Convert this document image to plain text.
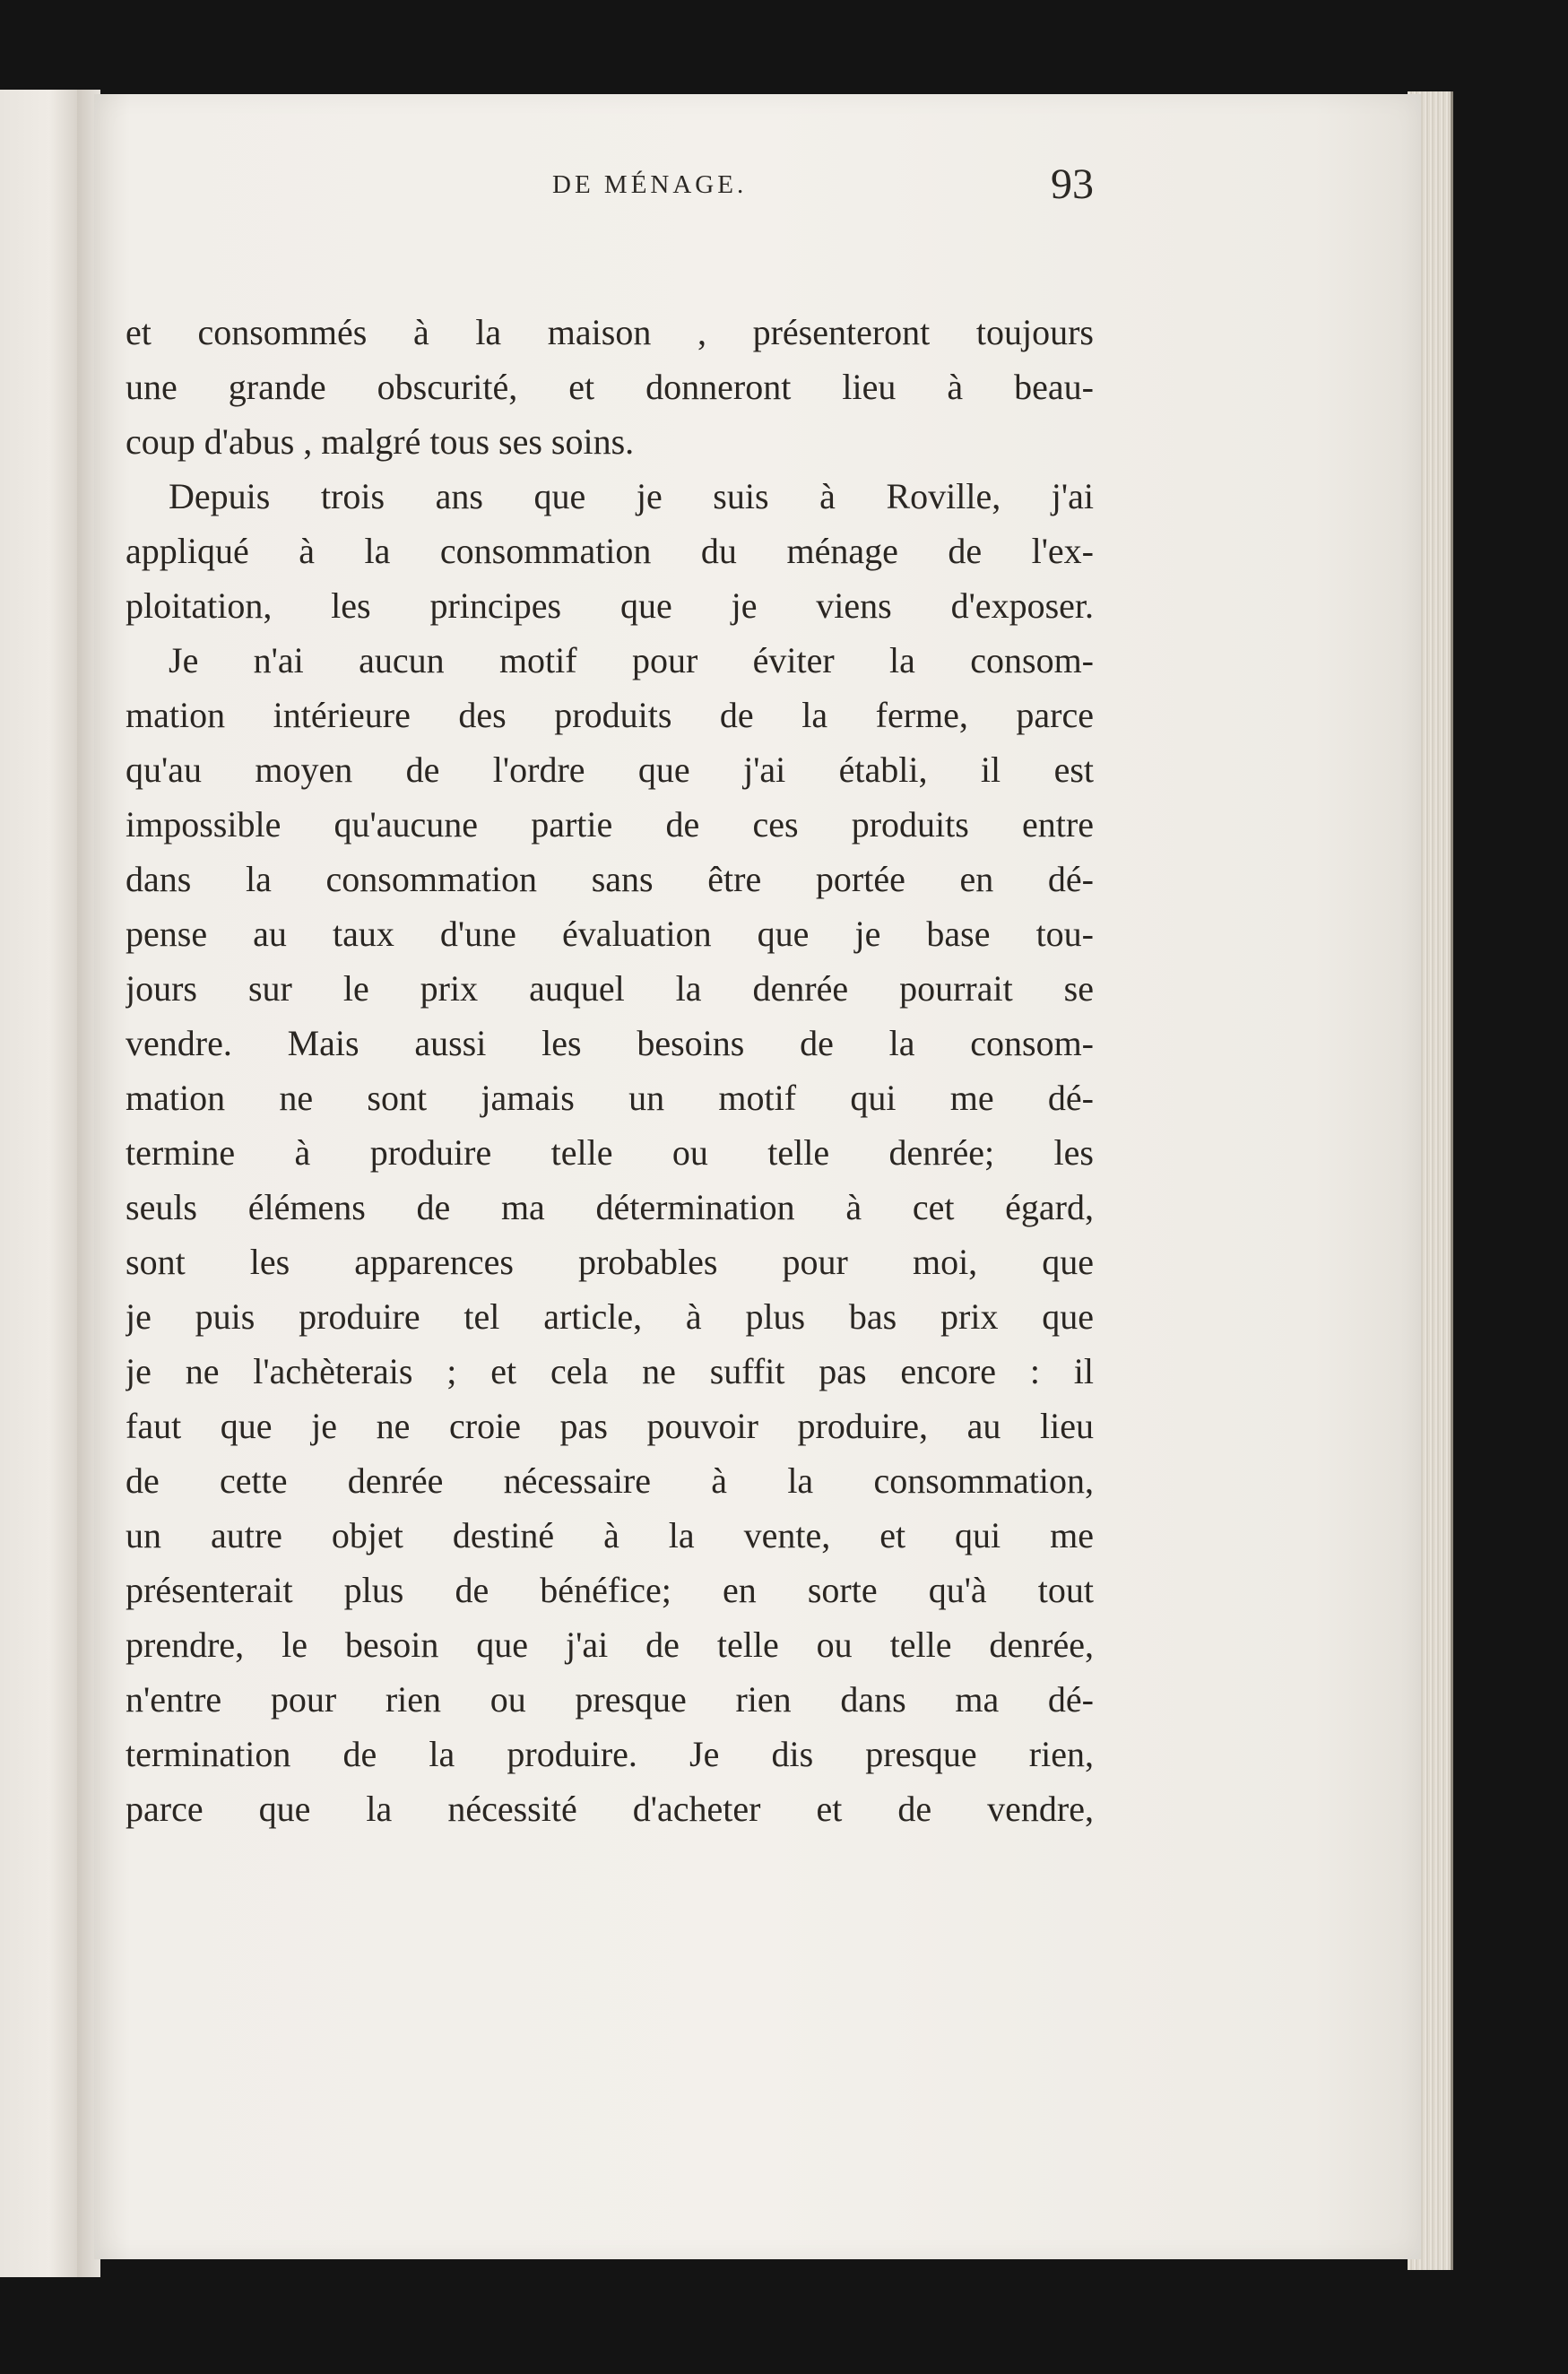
DE MÉNAGE.	93
et consommés à la maison , présenteront toujours
une grande obscurité, et donneront lieu à beau-
coup d'abus , malgré tous ses soins.
Depuis trois ans que je suis à Roville, j'ai
appliqué à la consommation du ménage de l'ex-
ploitation, les principes que je viens d'exposer.
Je n'ai aucun motif pour éviter la consom-
mation intérieure des produits de la ferme, parce
qu'au moyen de l'ordre que j'ai établi, il est
impossible qu'aucune partie de ces produits entre
dans la consommation sans être portée en dé-
pense au taux d'une évaluation que je base tou-
jours sur le prix auquel la denrée pourrait se
vendre. Mais aussi les besoins de la consom-
mation ne sont jamais un motif qui me dé-
termine à produire telle ou telle denrée; les
seuls élémens de ma détermination à cet égard,
sont les apparences probables pour moi, que
je puis produire tel article, à plus bas prix que
je ne l'achèterais ; et cela ne suffit pas encore : il
faut que je ne croie pas pouvoir produire, au lieu
de cette denrée nécessaire à la consommation,
un autre objet destiné à la vente, et qui me
présenterait plus de bénéfice; en sorte qu'à tout
prendre, le besoin que j'ai de telle ou telle denrée,
n'entre pour rien ou presque rien dans ma dé-
termination de la produire. Je dis presque rien,
parce que la nécessité d'acheter et de vendre,
